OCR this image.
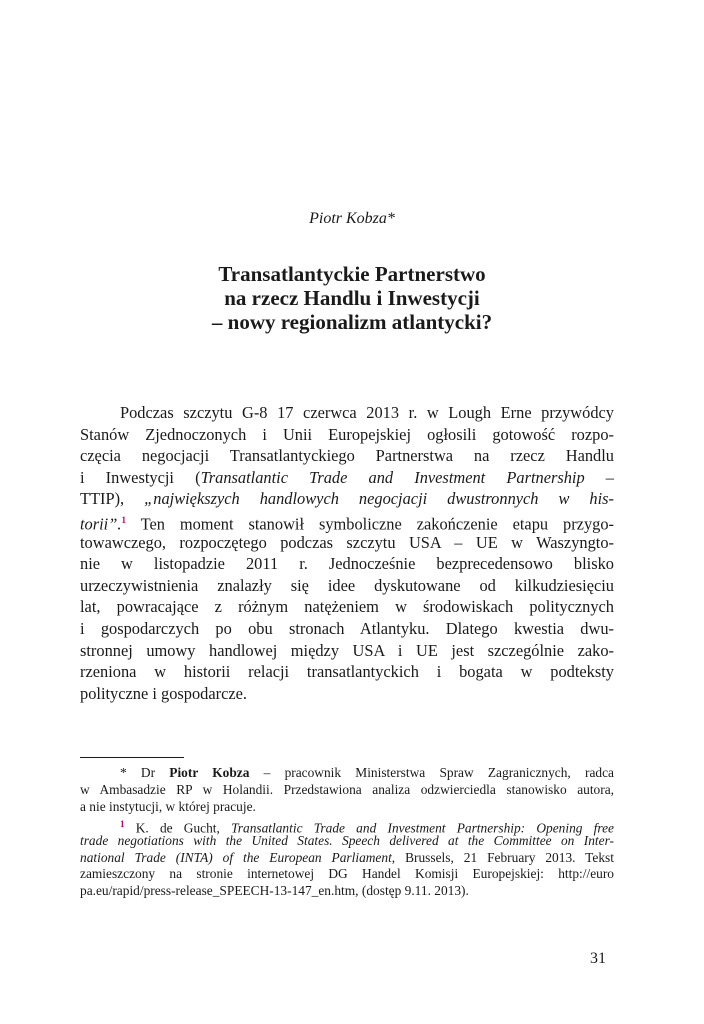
Piotr Kobza*
Transatlantyckie Partnerstwo
na rzecz Handlu i Inwestycji
– nowy regionalizm atlantycki?
Podczas szczytu G-8 17 czerwca 2013 r. w Lough Erne przywódcy
Stanów Zjednoczonych i Unii Europejskiej ogłosili gotowość rozpo-
częcia negocjacji Transatlantyckiego Partnerstwa na rzecz Handlu
i Inwestycji (Transatlantic Trade and Investment Partnership –
TTIP), „największych handlowych negocjacji dwustronnych w his-
torii”.$^1$ Ten moment stanowił symboliczne zakończenie etapu przygo-
towawczego, rozpoczętego podczas szczytu USA – UE w Waszyngto-
nie w listopadzie 2011 r. Jednocześnie bezprecedensowo blisko
urzeczywistnienia znalazły się idee dyskutowane od kilkudziesięciu
lat, powracające z różnym natężeniem w środowiskach politycznych
i gospodarczych po obu stronach Atlantyku. Dlatego kwestia dwu-
stronnej umowy handlowej między USA i UE jest szczególnie zako-
rzeniona w historii relacji transatlantyckich i bogata w podteksty
polityczne i gospodarcze.
* Dr Piotr Kobza – pracownik Ministerstwa Spraw Zagranicznych, radca
w Ambasadzie RP w Holandii. Przedstawiona analiza odzwierciedla stanowisko autora,
a nie instytucji, w której pracuje.
$^1$ K. de Gucht, Transatlantic Trade and Investment Partnership: Opening free
trade negotiations with the United States. Speech delivered at the Committee on Inter-
national Trade (INTA) of the European Parliament, Brussels, 21 February 2013. Tekst
zamieszczony na stronie internetowej DG Handel Komisji Europejskiej: http://euro
pa.eu/rapid/press-release_SPEECH-13-147_en.htm, (dostęp 9.11. 2013).
31
